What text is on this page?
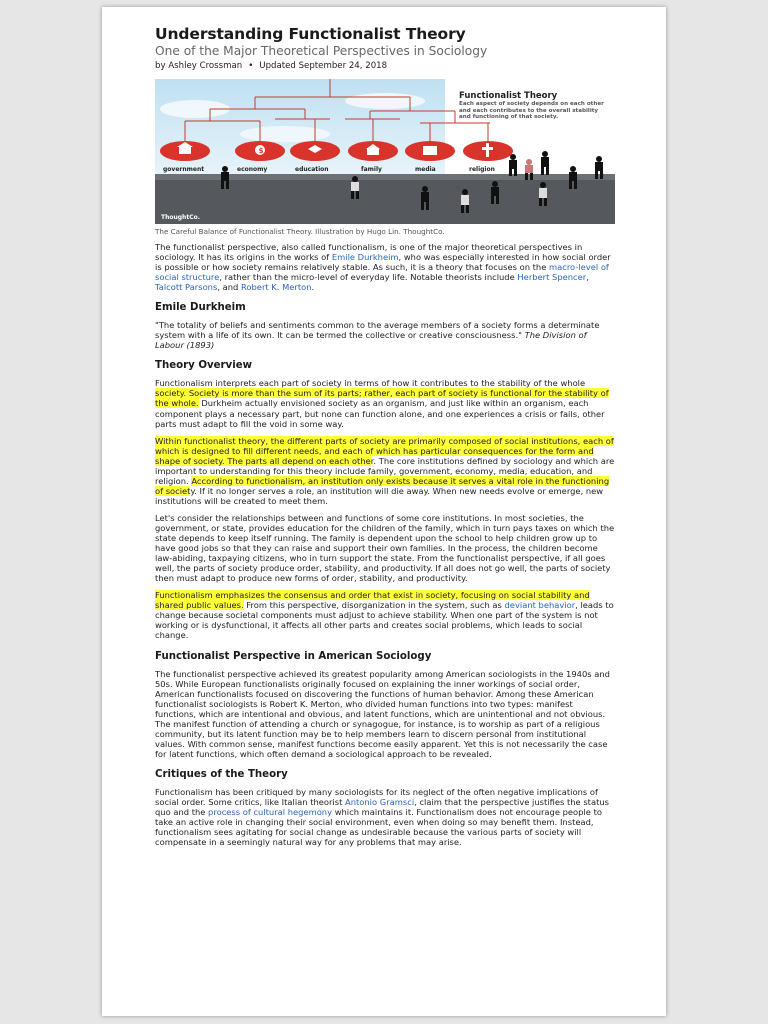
Understanding Functionalist Theory
One of the Major Theoretical Perspectives in Sociology
by Ashley Crossman • Updated September 24, 2018
$
government	economy	education	family	media	religion
Functionalist Theory
ThoughtCo.
Each aspect of society depends on each other and each contributes to the overall stability and functioning of that society.
The Careful Balance of Functionalist Theory. Illustration by Hugo Lin. ThoughtCo.

The functionalist perspective, also called functionalism, is one of the major theoretical perspectives in sociology. It has its origins in the works of Emile Durkheim, who was especially interested in how social order is possible or how society remains relatively stable. As such, it is a theory that focuses on the macro-level of social structure, rather than the micro-level of everyday life. Notable theorists include Herbert Spencer, Talcott Parsons, and Robert K. Merton.

Emile Durkheim

"The totality of beliefs and sentiments common to the average members of a society forms a determinate system with a life of its own. It can be termed the collective or creative consciousness." The Division of Labour (1893)

Theory Overview

Functionalism interprets each part of society in terms of how it contributes to the stability of the whole society. Society is more than the sum of its parts; rather, each part of society is functional for the stability of the whole. Durkheim actually envisioned society as an organism, and just like within an organism, each component plays a necessary part, but none can function alone, and one experiences a crisis or fails, other parts must adapt to fill the void in some way.

Within functionalist theory, the different parts of society are primarily composed of social institutions, each of which is designed to fill different needs, and each of which has particular consequences for the form and shape of society. The parts all depend on each other. The core institutions defined by sociology and which are important to understanding for this theory include family, government, economy, media, education, and religion. According to functionalism, an institution only exists because it serves a vital role in the functioning of society. If it no longer serves a role, an institution will die away. When new needs evolve or emerge, new institutions will be created to meet them.

Let's consider the relationships between and functions of some core institutions. In most societies, the government, or state, provides education for the children of the family, which in turn pays taxes on which the state depends to keep itself running. The family is dependent upon the school to help children grow up to have good jobs so that they can raise and support their own families. In the process, the children become law-abiding, taxpaying citizens, who in turn support the state. From the functionalist perspective, if all goes well, the parts of society produce order, stability, and productivity. If all does not go well, the parts of society then must adapt to produce new forms of order, stability, and productivity.

Functionalism emphasizes the consensus and order that exist in society, focusing on social stability and shared public values. From this perspective, disorganization in the system, such as deviant behavior, leads to change because societal components must adjust to achieve stability. When one part of the system is not working or is dysfunctional, it affects all other parts and creates social problems, which leads to social change.

Functionalist Perspective in American Sociology

The functionalist perspective achieved its greatest popularity among American sociologists in the 1940s and 50s. While European functionalists originally focused on explaining the inner workings of social order, American functionalists focused on discovering the functions of human behavior. Among these American functionalist sociologists is Robert K. Merton, who divided human functions into two types: manifest functions, which are intentional and obvious, and latent functions, which are unintentional and not obvious. The manifest function of attending a church or synagogue, for instance, is to worship as part of a religious community, but its latent function may be to help members learn to discern personal from institutional values. With common sense, manifest functions become easily apparent. Yet this is not necessarily the case for latent functions, which often demand a sociological approach to be revealed.

Critiques of the Theory

Functionalism has been critiqued by many sociologists for its neglect of the often negative implications of social order. Some critics, like Italian theorist Antonio Gramsci, claim that the perspective justifies the status quo and the process of cultural hegemony which maintains it. Functionalism does not encourage people to take an active role in changing their social environment, even when doing so may benefit them. Instead, functionalism sees agitating for social change as undesirable because the various parts of society will compensate in a seemingly natural way for any problems that may arise.
